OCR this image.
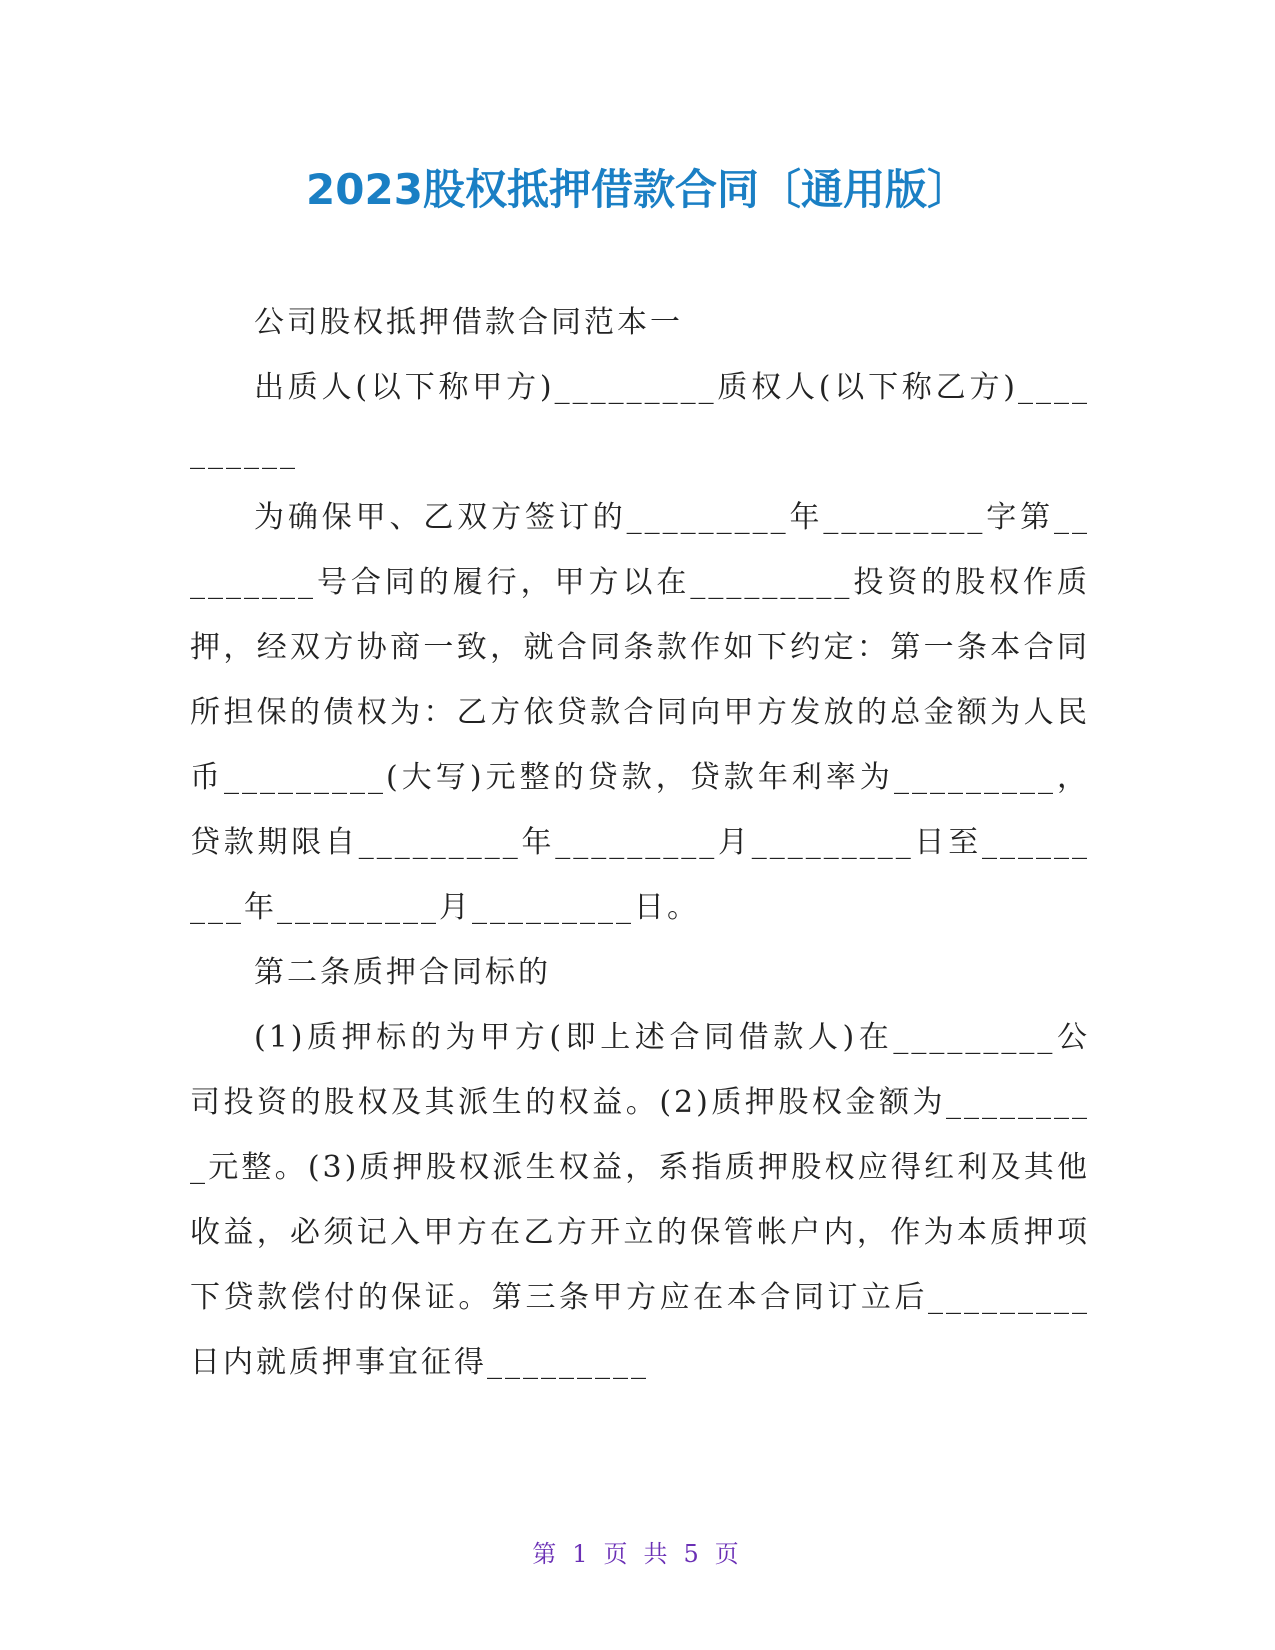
2023股权抵押借款合同〔通用版〕

公司股权抵押借款合同范本一

出质人(以下称甲方)_________质权人(以下称乙方)__________

为确保甲、乙双方签订的_________年_________字第_________号合同的履行，甲方以在_________投资的股权作质押，经双方协商一致，就合同条款作如下约定：第一条本合同所担保的债权为：乙方依贷款合同向甲方发放的总金额为人民币_________(大写)元整的贷款，贷款年利率为_________，贷款期限自_________年_________月_________日至_________年_________月_________日。

第二条质押合同标的

(1)质押标的为甲方(即上述合同借款人)在_________公司投资的股权及其派生的权益。(2)质押股权金额为_________元整。(3)质押股权派生权益，系指质押股权应得红利及其他收益，必须记入甲方在乙方开立的保管帐户内，作为本质押项下贷款偿付的保证。第三条甲方应在本合同订立后_________日内就质押事宜征得_________

第 1 页 共 5 页
